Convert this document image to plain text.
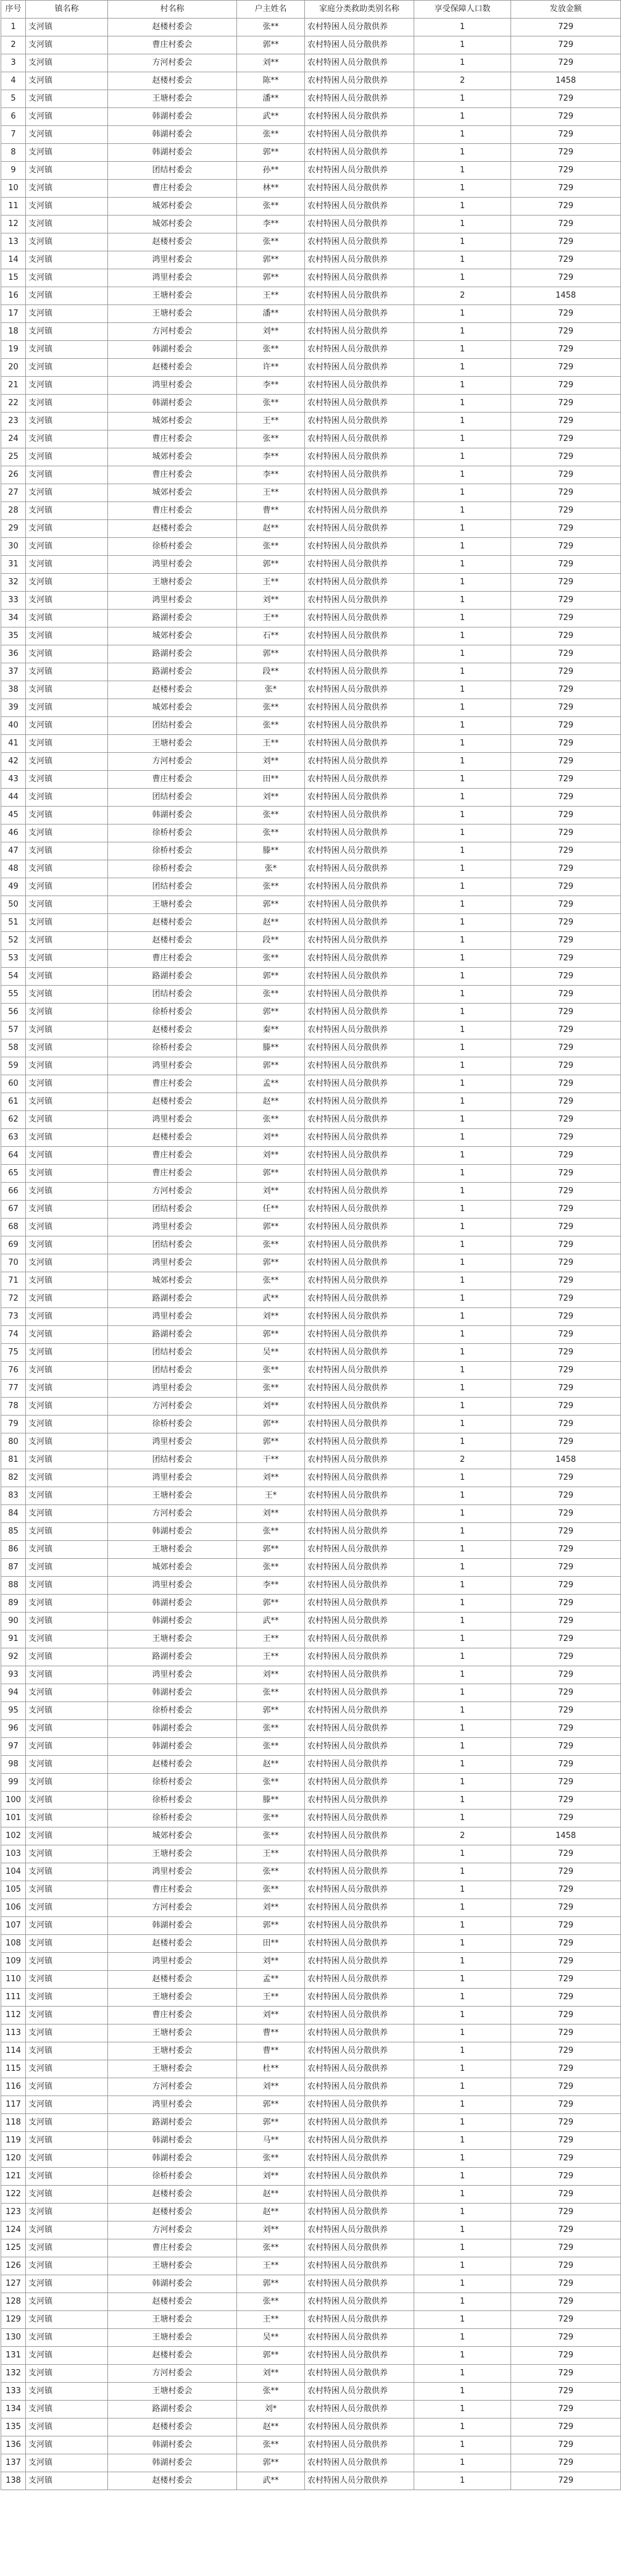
序号	镇名称	村名称	户主姓名	家庭分类救助类别名称	享受保障人口数	发放金额
1	支河镇	赵楼村委会	张**	农村特困人员分散供养	1	729
2	支河镇	曹庄村委会	郭**	农村特困人员分散供养	1	729
3	支河镇	方河村委会	刘**	农村特困人员分散供养	1	729
4	支河镇	赵楼村委会	陈**	农村特困人员分散供养	2	1458
5	支河镇	王塘村委会	潘**	农村特困人员分散供养	1	729
6	支河镇	韩湖村委会	武**	农村特困人员分散供养	1	729
7	支河镇	韩湖村委会	张**	农村特困人员分散供养	1	729
8	支河镇	韩湖村委会	郭**	农村特困人员分散供养	1	729
9	支河镇	团结村委会	孙**	农村特困人员分散供养	1	729
10	支河镇	曹庄村委会	林**	农村特困人员分散供养	1	729
11	支河镇	城郊村委会	张**	农村特困人员分散供养	1	729
12	支河镇	城郊村委会	李**	农村特困人员分散供养	1	729
13	支河镇	赵楼村委会	张**	农村特困人员分散供养	1	729
14	支河镇	鸿里村委会	郭**	农村特困人员分散供养	1	729
15	支河镇	鸿里村委会	郭**	农村特困人员分散供养	1	729
16	支河镇	王塘村委会	王**	农村特困人员分散供养	2	1458
17	支河镇	王塘村委会	潘**	农村特困人员分散供养	1	729
18	支河镇	方河村委会	刘**	农村特困人员分散供养	1	729
19	支河镇	韩湖村委会	张**	农村特困人员分散供养	1	729
20	支河镇	赵楼村委会	许**	农村特困人员分散供养	1	729
21	支河镇	鸿里村委会	李**	农村特困人员分散供养	1	729
22	支河镇	韩湖村委会	张**	农村特困人员分散供养	1	729
23	支河镇	城郊村委会	王**	农村特困人员分散供养	1	729
24	支河镇	曹庄村委会	张**	农村特困人员分散供养	1	729
25	支河镇	城郊村委会	李**	农村特困人员分散供养	1	729
26	支河镇	曹庄村委会	李**	农村特困人员分散供养	1	729
27	支河镇	城郊村委会	王**	农村特困人员分散供养	1	729
28	支河镇	曹庄村委会	曹**	农村特困人员分散供养	1	729
29	支河镇	赵楼村委会	赵**	农村特困人员分散供养	1	729
30	支河镇	徐桥村委会	张**	农村特困人员分散供养	1	729
31	支河镇	鸿里村委会	郭**	农村特困人员分散供养	1	729
32	支河镇	王塘村委会	王**	农村特困人员分散供养	1	729
33	支河镇	鸿里村委会	刘**	农村特困人员分散供养	1	729
34	支河镇	路湖村委会	王**	农村特困人员分散供养	1	729
35	支河镇	城郊村委会	石**	农村特困人员分散供养	1	729
36	支河镇	路湖村委会	郭**	农村特困人员分散供养	1	729
37	支河镇	路湖村委会	段**	农村特困人员分散供养	1	729
38	支河镇	赵楼村委会	张*	农村特困人员分散供养	1	729
39	支河镇	城郊村委会	张**	农村特困人员分散供养	1	729
40	支河镇	团结村委会	张**	农村特困人员分散供养	1	729
41	支河镇	王塘村委会	王**	农村特困人员分散供养	1	729
42	支河镇	方河村委会	刘**	农村特困人员分散供养	1	729
43	支河镇	曹庄村委会	田**	农村特困人员分散供养	1	729
44	支河镇	团结村委会	刘**	农村特困人员分散供养	1	729
45	支河镇	韩湖村委会	张**	农村特困人员分散供养	1	729
46	支河镇	徐桥村委会	张**	农村特困人员分散供养	1	729
47	支河镇	徐桥村委会	滕**	农村特困人员分散供养	1	729
48	支河镇	徐桥村委会	张*	农村特困人员分散供养	1	729
49	支河镇	团结村委会	张**	农村特困人员分散供养	1	729
50	支河镇	王塘村委会	郭**	农村特困人员分散供养	1	729
51	支河镇	赵楼村委会	赵**	农村特困人员分散供养	1	729
52	支河镇	赵楼村委会	段**	农村特困人员分散供养	1	729
53	支河镇	曹庄村委会	张**	农村特困人员分散供养	1	729
54	支河镇	路湖村委会	郭**	农村特困人员分散供养	1	729
55	支河镇	团结村委会	张**	农村特困人员分散供养	1	729
56	支河镇	徐桥村委会	郭**	农村特困人员分散供养	1	729
57	支河镇	赵楼村委会	秦**	农村特困人员分散供养	1	729
58	支河镇	徐桥村委会	滕**	农村特困人员分散供养	1	729
59	支河镇	鸿里村委会	郭**	农村特困人员分散供养	1	729
60	支河镇	曹庄村委会	孟**	农村特困人员分散供养	1	729
61	支河镇	赵楼村委会	赵**	农村特困人员分散供养	1	729
62	支河镇	鸿里村委会	张**	农村特困人员分散供养	1	729
63	支河镇	赵楼村委会	刘**	农村特困人员分散供养	1	729
64	支河镇	曹庄村委会	刘**	农村特困人员分散供养	1	729
65	支河镇	曹庄村委会	郭**	农村特困人员分散供养	1	729
66	支河镇	方河村委会	刘**	农村特困人员分散供养	1	729
67	支河镇	团结村委会	任**	农村特困人员分散供养	1	729
68	支河镇	鸿里村委会	郭**	农村特困人员分散供养	1	729
69	支河镇	团结村委会	张**	农村特困人员分散供养	1	729
70	支河镇	鸿里村委会	郭**	农村特困人员分散供养	1	729
71	支河镇	城郊村委会	张**	农村特困人员分散供养	1	729
72	支河镇	路湖村委会	武**	农村特困人员分散供养	1	729
73	支河镇	鸿里村委会	刘**	农村特困人员分散供养	1	729
74	支河镇	路湖村委会	郭**	农村特困人员分散供养	1	729
75	支河镇	团结村委会	吴**	农村特困人员分散供养	1	729
76	支河镇	团结村委会	张**	农村特困人员分散供养	1	729
77	支河镇	鸿里村委会	张**	农村特困人员分散供养	1	729
78	支河镇	方河村委会	刘**	农村特困人员分散供养	1	729
79	支河镇	徐桥村委会	郭**	农村特困人员分散供养	1	729
80	支河镇	鸿里村委会	郭**	农村特困人员分散供养	1	729
81	支河镇	团结村委会	干**	农村特困人员分散供养	2	1458
82	支河镇	鸿里村委会	刘**	农村特困人员分散供养	1	729
83	支河镇	王塘村委会	王*	农村特困人员分散供养	1	729
84	支河镇	方河村委会	刘**	农村特困人员分散供养	1	729
85	支河镇	韩湖村委会	张**	农村特困人员分散供养	1	729
86	支河镇	王塘村委会	郭**	农村特困人员分散供养	1	729
87	支河镇	城郊村委会	张**	农村特困人员分散供养	1	729
88	支河镇	鸿里村委会	李**	农村特困人员分散供养	1	729
89	支河镇	韩湖村委会	郭**	农村特困人员分散供养	1	729
90	支河镇	韩湖村委会	武**	农村特困人员分散供养	1	729
91	支河镇	王塘村委会	王**	农村特困人员分散供养	1	729
92	支河镇	路湖村委会	王**	农村特困人员分散供养	1	729
93	支河镇	鸿里村委会	刘**	农村特困人员分散供养	1	729
94	支河镇	韩湖村委会	张**	农村特困人员分散供养	1	729
95	支河镇	徐桥村委会	郭**	农村特困人员分散供养	1	729
96	支河镇	韩湖村委会	张**	农村特困人员分散供养	1	729
97	支河镇	韩湖村委会	张**	农村特困人员分散供养	1	729
98	支河镇	赵楼村委会	赵**	农村特困人员分散供养	1	729
99	支河镇	徐桥村委会	张**	农村特困人员分散供养	1	729
100	支河镇	徐桥村委会	滕**	农村特困人员分散供养	1	729
101	支河镇	徐桥村委会	张**	农村特困人员分散供养	1	729
102	支河镇	城郊村委会	张**	农村特困人员分散供养	2	1458
103	支河镇	王塘村委会	王**	农村特困人员分散供养	1	729
104	支河镇	鸿里村委会	张**	农村特困人员分散供养	1	729
105	支河镇	曹庄村委会	张**	农村特困人员分散供养	1	729
106	支河镇	方河村委会	刘**	农村特困人员分散供养	1	729
107	支河镇	韩湖村委会	郭**	农村特困人员分散供养	1	729
108	支河镇	赵楼村委会	田**	农村特困人员分散供养	1	729
109	支河镇	鸿里村委会	刘**	农村特困人员分散供养	1	729
110	支河镇	赵楼村委会	孟**	农村特困人员分散供养	1	729
111	支河镇	王塘村委会	王**	农村特困人员分散供养	1	729
112	支河镇	曹庄村委会	刘**	农村特困人员分散供养	1	729
113	支河镇	王塘村委会	曹**	农村特困人员分散供养	1	729
114	支河镇	王塘村委会	曹**	农村特困人员分散供养	1	729
115	支河镇	王塘村委会	杜**	农村特困人员分散供养	1	729
116	支河镇	方河村委会	刘**	农村特困人员分散供养	1	729
117	支河镇	鸿里村委会	郭**	农村特困人员分散供养	1	729
118	支河镇	路湖村委会	郭**	农村特困人员分散供养	1	729
119	支河镇	韩湖村委会	马**	农村特困人员分散供养	1	729
120	支河镇	韩湖村委会	张**	农村特困人员分散供养	1	729
121	支河镇	徐桥村委会	刘**	农村特困人员分散供养	1	729
122	支河镇	赵楼村委会	赵**	农村特困人员分散供养	1	729
123	支河镇	赵楼村委会	赵**	农村特困人员分散供养	1	729
124	支河镇	方河村委会	刘**	农村特困人员分散供养	1	729
125	支河镇	曹庄村委会	张**	农村特困人员分散供养	1	729
126	支河镇	王塘村委会	王**	农村特困人员分散供养	1	729
127	支河镇	韩湖村委会	郭**	农村特困人员分散供养	1	729
128	支河镇	赵楼村委会	张**	农村特困人员分散供养	1	729
129	支河镇	王塘村委会	王**	农村特困人员分散供养	1	729
130	支河镇	王塘村委会	吴**	农村特困人员分散供养	1	729
131	支河镇	赵楼村委会	郭**	农村特困人员分散供养	1	729
132	支河镇	方河村委会	刘**	农村特困人员分散供养	1	729
133	支河镇	王塘村委会	张**	农村特困人员分散供养	1	729
134	支河镇	路湖村委会	刘*	农村特困人员分散供养	1	729
135	支河镇	赵楼村委会	赵**	农村特困人员分散供养	1	729
136	支河镇	韩湖村委会	张**	农村特困人员分散供养	1	729
137	支河镇	韩湖村委会	郭**	农村特困人员分散供养	1	729
138	支河镇	赵楼村委会	武**	农村特困人员分散供养	1	729
